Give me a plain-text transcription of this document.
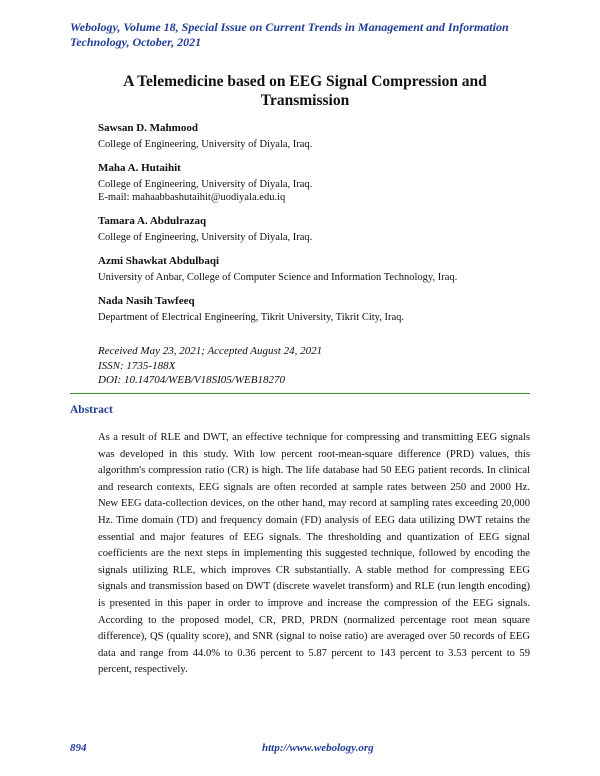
Webology, Volume 18, Special Issue on Current Trends in Management and Information
Technology, October, 2021
A Telemedicine based on EEG Signal Compression and
Transmission
Sawsan D. Mahmood
College of Engineering, University of Diyala, Iraq.
Maha A. Hutaihit
College of Engineering, University of Diyala, Iraq.
E-mail: mahaabbashutaihit@uodiyala.edu.iq
Tamara A. Abdulrazaq
College of Engineering, University of Diyala, Iraq.
Azmi Shawkat Abdulbaqi
University of Anbar, College of Computer Science and Information Technology, Iraq.
Nada Nasih Tawfeeq
Department of Electrical Engineering, Tikrit University, Tikrit City, Iraq.
Received May 23, 2021; Accepted August 24, 2021
ISSN: 1735-188X
DOI: 10.14704/WEB/V18SI05/WEB18270
Abstract
As a result of RLE and DWT, an effective technique for compressing and transmitting EEG signals was developed in this study. With low percent root-mean-square difference (PRD) values, this algorithm's compression ratio (CR) is high. The life database had 50 EEG patient records. In clinical and research contexts, EEG signals are often recorded at sample rates between 250 and 2000 Hz. New EEG data-collection devices, on the other hand, may record at sampling rates exceeding 20,000 Hz. Time domain (TD) and frequency domain (FD) analysis of EEG data utilizing DWT retains the essential and major features of EEG signals. The thresholding and quantization of EEG signal coefficients are the next steps in implementing this suggested technique, followed by encoding the signals utilizing RLE, which improves CR substantially. A stable method for compressing EEG signals and transmission based on DWT (discrete wavelet transform) and RLE (run length encoding) is presented in this paper in order to improve and increase the compression of the EEG signals. According to the proposed model, CR, PRD, PRDN (normalized percentage root mean square difference), QS (quality score), and SNR (signal to noise ratio) are averaged over 50 records of EEG data and range from 44.0% to 0.36 percent to 5.87 percent to 143 percent to 3.53 percent to 59 percent, respectively.
894	http://www.webology.org
